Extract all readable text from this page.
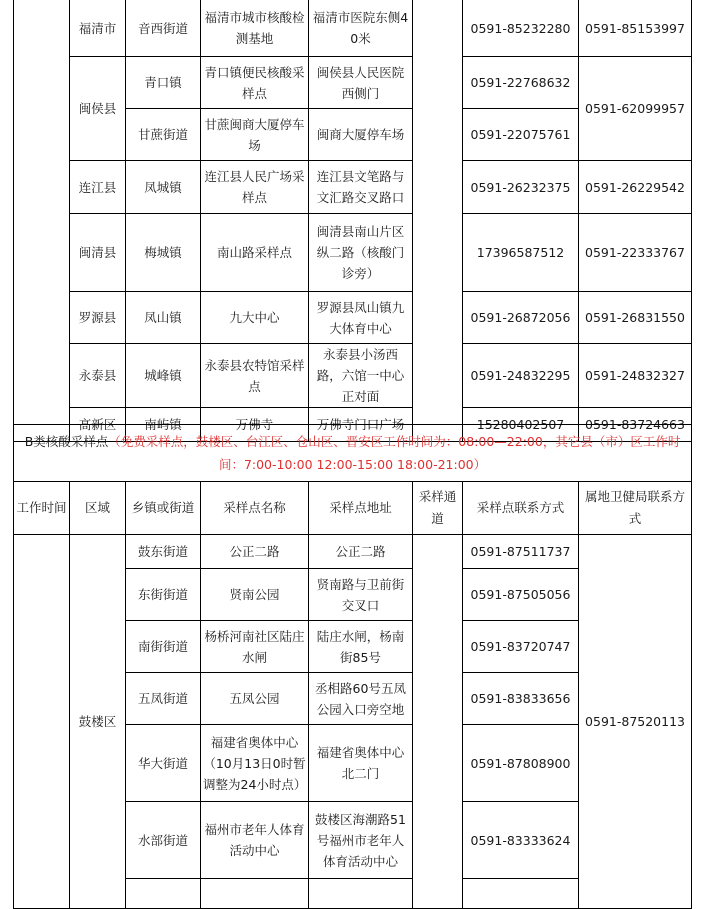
	福清市	音西街道	福清市城市核酸检测基地	福清市医院东侧40米		0591-85232280	0591-85153997
	闽侯县	青口镇	青口镇便民核酸采样点	闽侯县人民医院西侧门		0591-22768632	0591-62099957
		甘蔗街道	甘蔗闽商大厦停车场	闽商大厦停车场		0591-22075761	
	连江县	凤城镇	连江县人民广场采样点	连江县文笔路与文汇路交叉路口		0591-26232375	0591-26229542
	闽清县	梅城镇	南山路采样点	闽清县南山片区纵二路（核酸门诊旁）		17396587512	0591-22333767
	罗源县	凤山镇	九大中心	罗源县凤山镇九大体育中心		0591-26872056	0591-26831550
	永泰县	城峰镇	永泰县农特馆采样点	永泰县小汤西路，六馆一中心正对面		0591-24832295	0591-24832327
	高新区	南屿镇	万佛寺	万佛寺门口广场		15280402507	0591-83724663
B类核酸采样点（免费采样点，鼓楼区、台江区、仓山区、晋安区工作时间为：08:00—22:00，其它县（市）区工作时间：7:00-10:00 12:00-15:00 18:00-21:00）							
工作时间	区域	乡镇或街道	采样点名称	采样点地址	采样通道	采样点联系方式	属地卫健局联系方式
	鼓楼区	鼓东街道	公正二路	公正二路		0591-87511737	0591-87520113
		东街街道	贤南公园	贤南路与卫前街交叉口		0591-87505056	
		南街街道	杨桥河南社区陆庄水闸	陆庄水闸，杨南街85号		0591-83720747	
		五凤街道	五凤公园	丞相路60号五凤公园入口旁空地		0591-83833656	
		华大街道	福建省奥体中心（10月13日0时暂调整为24小时点）	福建省奥体中心北二门		0591-87808900	
		水部街道	福州市老年人体育活动中心	鼓楼区海潮路51号福州市老年人体育活动中心		0591-83333624	
